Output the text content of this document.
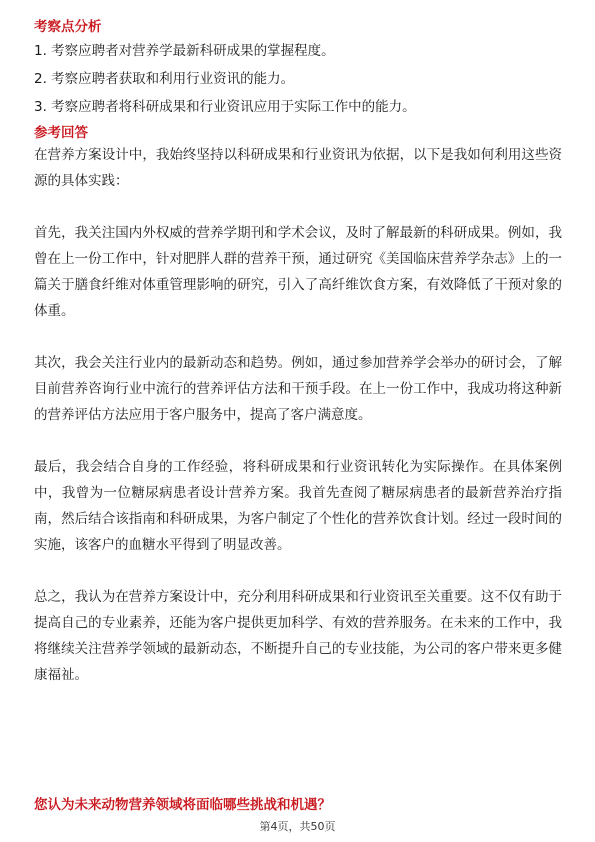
考察点分析
1. 考察应聘者对营养学最新科研成果的掌握程度。
2. 考察应聘者获取和利用行业资讯的能力。
3. 考察应聘者将科研成果和行业资讯应用于实际工作中的能力。
参考回答

在营养方案设计中，我始终坚持以科研成果和行业资讯为依据，以下是我如何利用这些资源的具体实践：

首先，我关注国内外权威的营养学期刊和学术会议，及时了解最新的科研成果。例如，我曾在上一份工作中，针对肥胖人群的营养干预，通过研究《美国临床营养学杂志》上的一篇关于膳食纤维对体重管理影响的研究，引入了高纤维饮食方案，有效降低了干预对象的体重。

其次，我会关注行业内的最新动态和趋势。例如，通过参加营养学会举办的研讨会，了解目前营养咨询行业中流行的营养评估方法和干预手段。在上一份工作中，我成功将这种新的营养评估方法应用于客户服务中，提高了客户满意度。

最后，我会结合自身的工作经验，将科研成果和行业资讯转化为实际操作。在具体案例中，我曾为一位糖尿病患者设计营养方案。我首先查阅了糖尿病患者的最新营养治疗指南，然后结合该指南和科研成果，为客户制定了个性化的营养饮食计划。经过一段时间的实施，该客户的血糖水平得到了明显改善。

总之，我认为在营养方案设计中，充分利用科研成果和行业资讯至关重要。这不仅有助于提高自己的专业素养，还能为客户提供更加科学、有效的营养服务。在未来的工作中，我将继续关注营养学领域的最新动态，不断提升自己的专业技能，为公司的客户带来更多健康福祉。

您认为未来动物营养领域将面临哪些挑战和机遇？
第4页，共50页
